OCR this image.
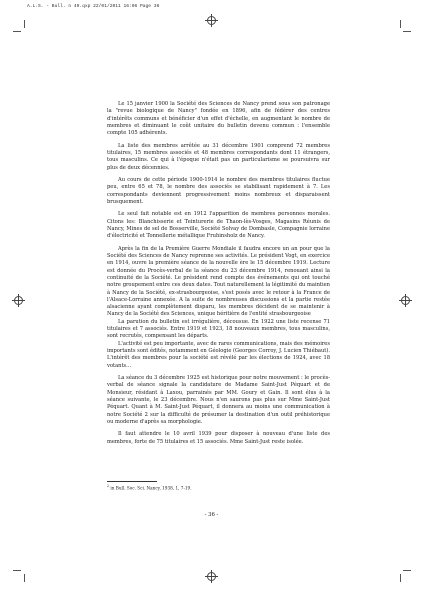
A.L.S. - Bull. n 49.qxp 22/01/2011 16:06 Page 36

Le 15 janvier 1900 la Société des Sciences de Nancy prend sous son patronage la "revue biologique de Nancy" fondée en 1896, afin de fédérer des centres d'intérêts communs et bénéficier d'un effet d'échelle, en augmentant le nombre de membres et diminuant le coût unitaire du bulletin devenu commun : l'ensemble compte 105 adhérents.

La liste des membres arrêtée au 31 décembre 1901 comprend 72 membres titulaires, 15 membres associés et 48 membres correspondants dont 11 étrangers, tous masculins. Ce qui à l'époque n'était pas un particularisme se poursuivra sur plus de deux décennies.

Au cours de cette période 1900-1914 le nombre des membres titulaires fluctue peu, entre 65 et 78, le nombre des associés se stabilisant rapidement à 7. Les correspondants deviennent progressivement moins nombreux et disparaissent brusquement.

Le seul fait notable est en 1912 l'apparition de membres personnes morales. Citons les: Blanchisserie et Teinturerie de Thaon-lès-Vosges, Magasins Réunis de Nancy, Mines de sel de Bosserville, Société Solvay de Dombasle, Compagnie lorraine d'électricité et Tonnellerie métallique Fruhinsholz de Nancy.

Après la fin de la Première Guerre Mondiale il faudra encore un an pour que la Société des Sciences de Nancy reprenne ses activités. Le président Vogt, en exercice en 1914, ouvre la première séance de la nouvelle ère le 15 décembre 1919. Lecture est donnée du Procès-verbal de la séance du 23 décembre 1914, renouant ainsi la continuité de la Société. Le président rend compte des événements qui ont touché notre groupement entre ces deux dates. Tout naturellement la légitimité du maintien à Nancy de la Société, ex-strasbourgeoise, s'est posés avec le retour à la France de l'Alsace-Lorraine annexée. A la suite de nombreuses discussions et la partie restée alsacienne ayant complètement disparu, les membres décident de se maintenir à Nancy de la Société des Sciences, unique héritière de l'entité strasbourgeoise

La parution du bulletin est irrégulière, décousue. En 1922 une liste recense 71 titulaires et 7 associés. Entre 1919 et 1923, 18 nouveaux membres, tous masculins, sont recrutés, compensant les départs.

L'activité est peu importante, avec de rares communications, mais des mémoires importants sont édités, notamment en Géologie (Georges Corroy, J. Lucien Thiébaut). L'intérêt des membres pour la société est révélé par les élections de 1924, avec 18 votants…

La séance du 3 décembre 1925 est historique pour notre mouvement : le procès-verbal de séance signale la candidature de Madame Saint-Just Péquart et de Monsieur, résidant à Laxou, parrainés par MM. Goury et Gain. Il sont élus à la séance suivante, le 23 décembre. Nous n'en saurons pas plus sur Mme Saint-Just Péquart. Quant à M. Saint-Just Péquart, il donnera au moins une communication à notre Société 2 sur la difficulté de présumer la destination d'un outil préhistorique ou moderne d'après sa morphologie.

Il faut attendre le 10 avril 1939 pour disposer à nouveau d'une liste des membres, forte de 75 titulaires et 15 associés. Mme Saint-Just reste isolée.

$^2$ in Bull. Soc. Sci. Nancy, 1938, 1, 7-19.
- 36 -
